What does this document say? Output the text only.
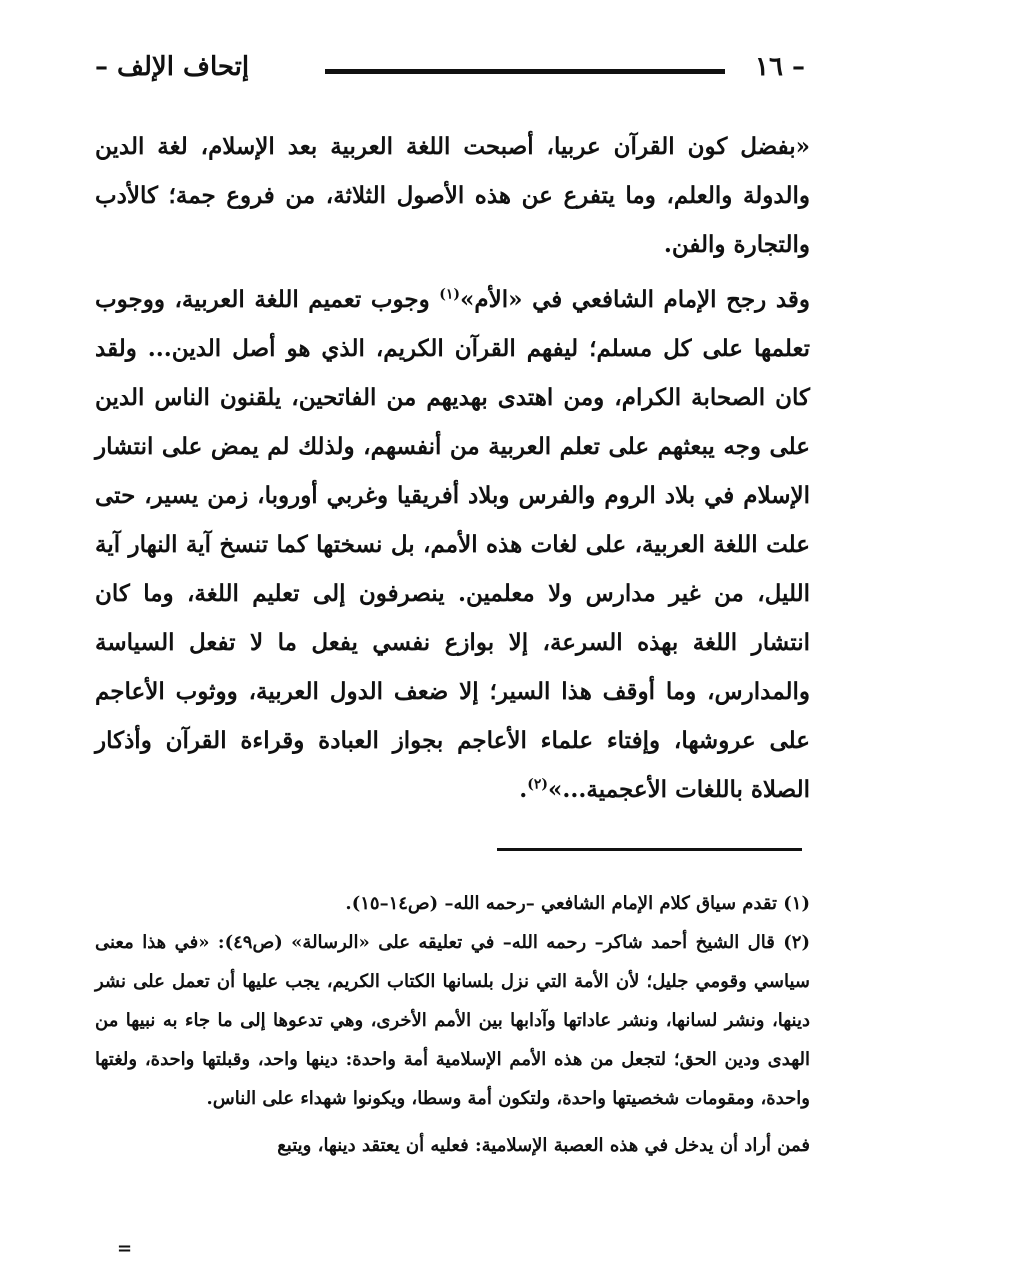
– ١٦
إتحاف الإلف –

«بفضل كون القرآن عربيا، أصبحت اللغة العربية بعد الإسلام، لغة الدين والدولة والعلم، وما يتفرع عن هذه الأصول الثلاثة، من فروع جمة؛ كالأدب والتجارة والفن.

وقد رجح الإمام الشافعي في «الأم»$^{(١)}$ وجوب تعميم اللغة العربية، ووجوب تعلمها على كل مسلم؛ ليفهم القرآن الكريم، الذي هو أصل الدين... ولقد كان الصحابة الكرام، ومن اهتدى بهديهم من الفاتحين، يلقنون الناس الدين على وجه يبعثهم على تعلم العربية من أنفسهم، ولذلك لم يمض على انتشار الإسلام في بلاد الروم والفرس وبلاد أفريقيا وغربي أوروبا، زمن يسير، حتى علت اللغة العربية، على لغات هذه الأمم، بل نسختها كما تنسخ آية النهار آية الليل، من غير مدارس ولا معلمين. ينصرفون إلى تعليم اللغة، وما كان انتشار اللغة بهذه السرعة، إلا بوازع نفسي يفعل ما لا تفعل السياسة والمدارس، وما أوقف هذا السير؛ إلا ضعف الدول العربية، ووثوب الأعاجم على عروشها، وإفتاء علماء الأعاجم بجواز العبادة وقراءة القرآن وأذكار الصلاة باللغات الأعجمية...»$^{(٢)}$.

(١) تقدم سياق كلام الإمام الشافعي –رحمه الله– (ص١٤–١٥).

(٢) قال الشيخ أحمد شاكر– رحمه الله– في تعليقه على «الرسالة» (ص٤٩): «في هذا معنى سياسي وقومي جليل؛ لأن الأمة التي نزل بلسانها الكتاب الكريم، يجب عليها أن تعمل على نشر دينها، ونشر لسانها، ونشر عاداتها وآدابها بين الأمم الأخرى، وهي تدعوها إلى ما جاء به نبيها من الهدى ودين الحق؛ لتجعل من هذه الأمم الإسلامية أمة واحدة: دينها واحد، وقبلتها واحدة، ولغتها واحدة، ومقومات شخصيتها واحدة، ولتكون أمة وسطا، ويكونوا شهداء على الناس.

فمن أراد أن يدخل في هذه العصبة الإسلامية: فعليه أن يعتقد دينها، ويتبع

=
